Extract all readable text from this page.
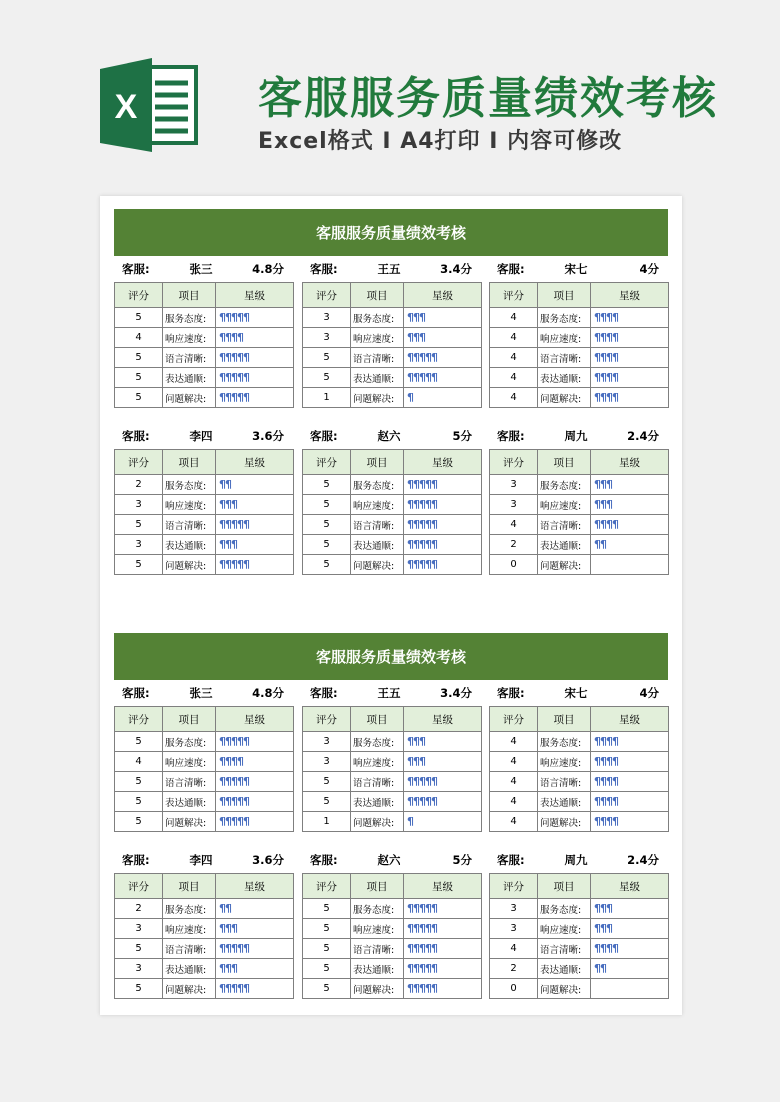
X	客服服务质量绩效考核
Excel格式 I A4打印 I 内容可修改
客服服务质量绩效考核
客服:	张三	4.8分
评分	项目	星级
5	服务态度:	¶¶¶¶¶
4	响应速度:	¶¶¶¶
5	语言清晰:	¶¶¶¶¶
5	表达通顺:	¶¶¶¶¶
5	问题解决:	¶¶¶¶¶
客服:	王五	3.4分
评分	项目	星级
3	服务态度:	¶¶¶
3	响应速度:	¶¶¶
5	语言清晰:	¶¶¶¶¶
5	表达通顺:	¶¶¶¶¶
1	问题解决:	¶
客服:	宋七	4分
评分	项目	星级
4	服务态度:	¶¶¶¶
4	响应速度:	¶¶¶¶
4	语言清晰:	¶¶¶¶
4	表达通顺:	¶¶¶¶
4	问题解决:	¶¶¶¶
客服:	李四	3.6分
评分	项目	星级
2	服务态度:	¶¶
3	响应速度:	¶¶¶
5	语言清晰:	¶¶¶¶¶
3	表达通顺:	¶¶¶
5	问题解决:	¶¶¶¶¶
客服:	赵六	5分
评分	项目	星级
5	服务态度:	¶¶¶¶¶
5	响应速度:	¶¶¶¶¶
5	语言清晰:	¶¶¶¶¶
5	表达通顺:	¶¶¶¶¶
5	问题解决:	¶¶¶¶¶
客服:	周九	2.4分
评分	项目	星级
3	服务态度:	¶¶¶
3	响应速度:	¶¶¶
4	语言清晰:	¶¶¶¶
2	表达通顺:	¶¶
0	问题解决:	
客服服务质量绩效考核
客服:	张三	4.8分
评分	项目	星级
5	服务态度:	¶¶¶¶¶
4	响应速度:	¶¶¶¶
5	语言清晰:	¶¶¶¶¶
5	表达通顺:	¶¶¶¶¶
5	问题解决:	¶¶¶¶¶
客服:	王五	3.4分
评分	项目	星级
3	服务态度:	¶¶¶
3	响应速度:	¶¶¶
5	语言清晰:	¶¶¶¶¶
5	表达通顺:	¶¶¶¶¶
1	问题解决:	¶
客服:	宋七	4分
评分	项目	星级
4	服务态度:	¶¶¶¶
4	响应速度:	¶¶¶¶
4	语言清晰:	¶¶¶¶
4	表达通顺:	¶¶¶¶
4	问题解决:	¶¶¶¶
客服:	李四	3.6分
评分	项目	星级
2	服务态度:	¶¶
3	响应速度:	¶¶¶
5	语言清晰:	¶¶¶¶¶
3	表达通顺:	¶¶¶
5	问题解决:	¶¶¶¶¶
客服:	赵六	5分
评分	项目	星级
5	服务态度:	¶¶¶¶¶
5	响应速度:	¶¶¶¶¶
5	语言清晰:	¶¶¶¶¶
5	表达通顺:	¶¶¶¶¶
5	问题解决:	¶¶¶¶¶
客服:	周九	2.4分
评分	项目	星级
3	服务态度:	¶¶¶
3	响应速度:	¶¶¶
4	语言清晰:	¶¶¶¶
2	表达通顺:	¶¶
0	问题解决:	
